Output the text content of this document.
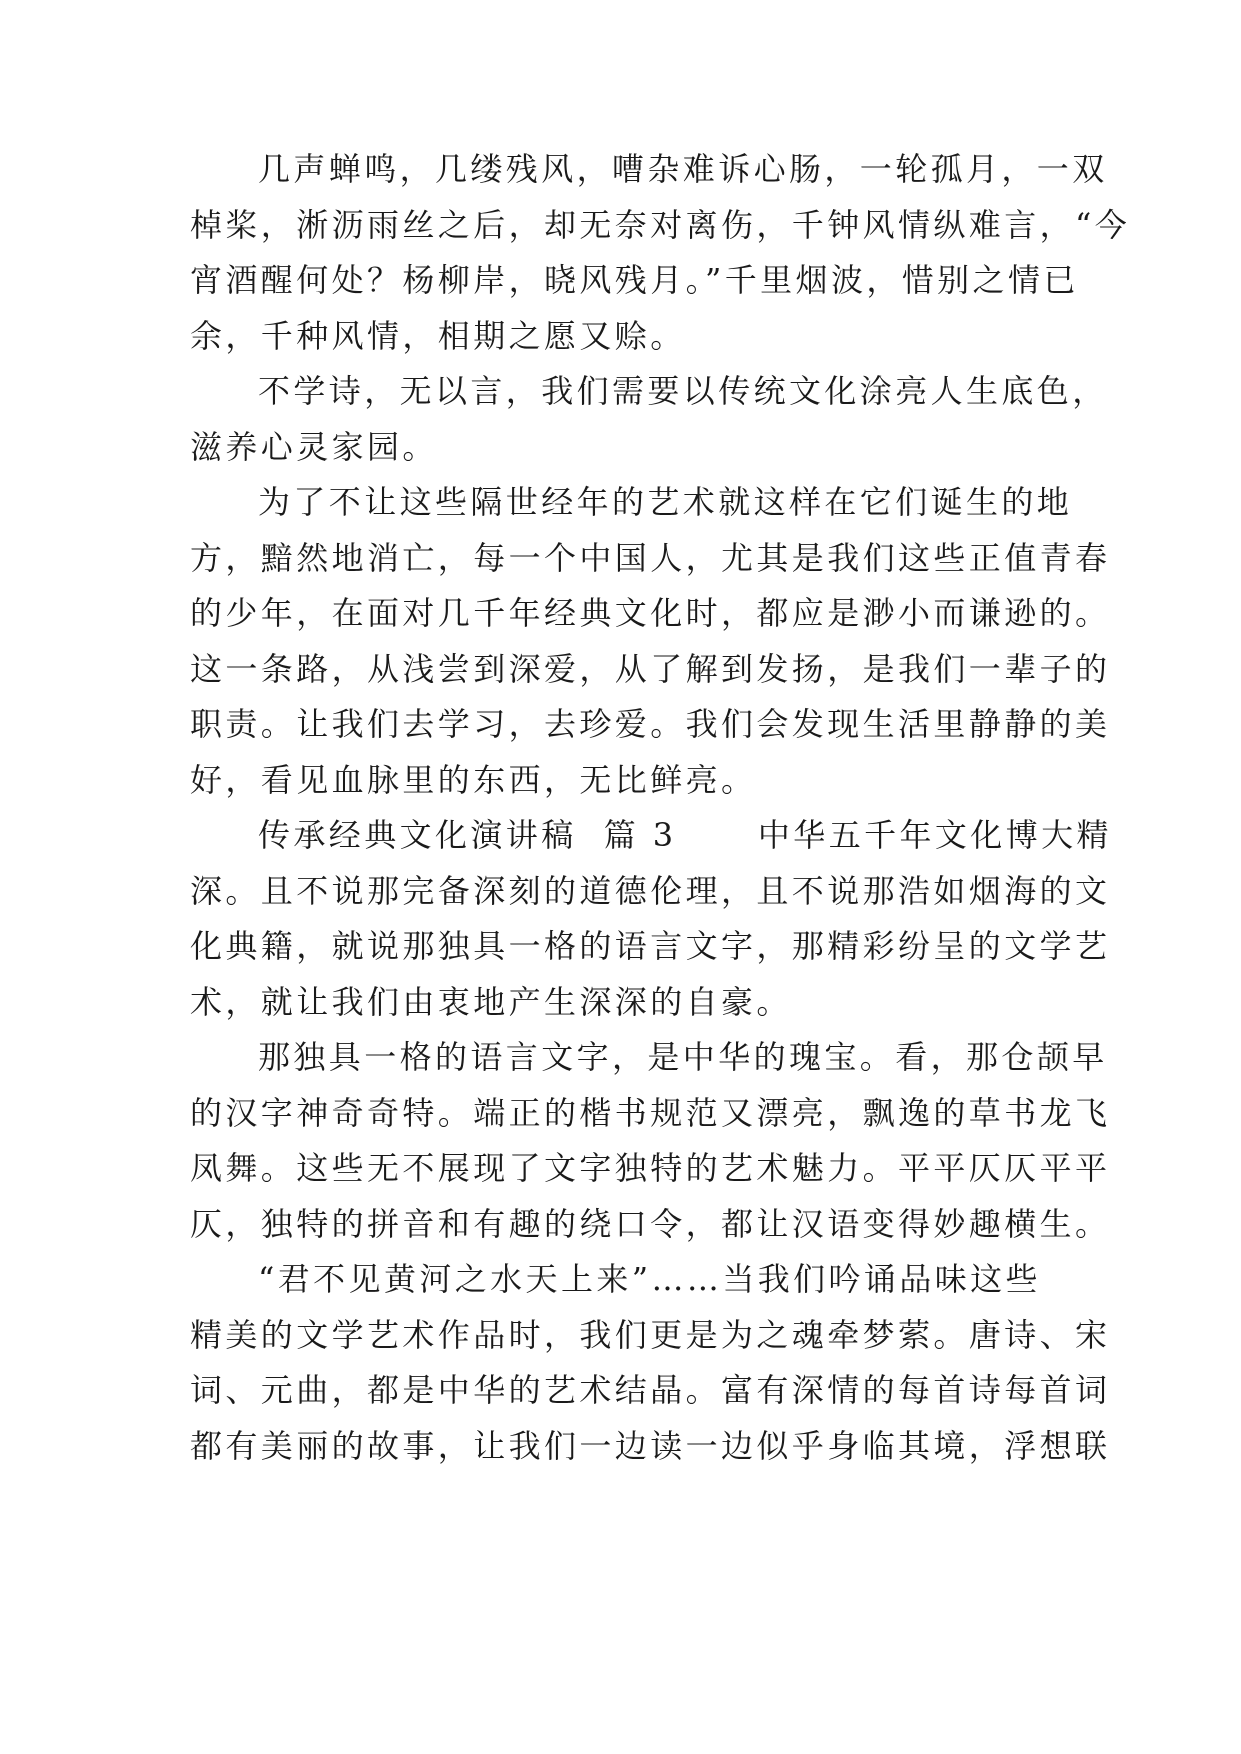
几声蝉鸣，几缕残风，嘈杂难诉心肠，一轮孤月，一双
棹桨，淅沥雨丝之后，却无奈对离伤，千钟风情纵难言，“今
宵酒醒何处？杨柳岸，晓风残月。”千里烟波，惜别之情已
余，千种风情，相期之愿又赊。
不学诗，无以言，我们需要以传统文化涂亮人生底色，
滋养心灵家园。
为了不让这些隔世经年的艺术就这样在它们诞生的地
方，黯然地消亡，每一个中国人，尤其是我们这些正值青春
的少年，在面对几千年经典文化时，都应是渺小而谦逊的。
这一条路，从浅尝到深爱，从了解到发扬，是我们一辈子的
职责。让我们去学习，去珍爱。我们会发现生活里静静的美
好，看见血脉里的东西，无比鲜亮。
传承经典文化演讲稿  篇 3      中华五千年文化博大精
深。且不说那完备深刻的道德伦理，且不说那浩如烟海的文
化典籍，就说那独具一格的语言文字，那精彩纷呈的文学艺
术，就让我们由衷地产生深深的自豪。
那独具一格的语言文字，是中华的瑰宝。看，那仓颉早
的汉字神奇奇特。端正的楷书规范又漂亮，飘逸的草书龙飞
凤舞。这些无不展现了文字独特的艺术魅力。平平仄仄平平
仄，独特的拼音和有趣的绕口令，都让汉语变得妙趣横生。
“君不见黄河之水天上来”……当我们吟诵品味这些
精美的文学艺术作品时，我们更是为之魂牵梦萦。唐诗、宋
词、元曲，都是中华的艺术结晶。富有深情的每首诗每首词
都有美丽的故事，让我们一边读一边似乎身临其境，浮想联
